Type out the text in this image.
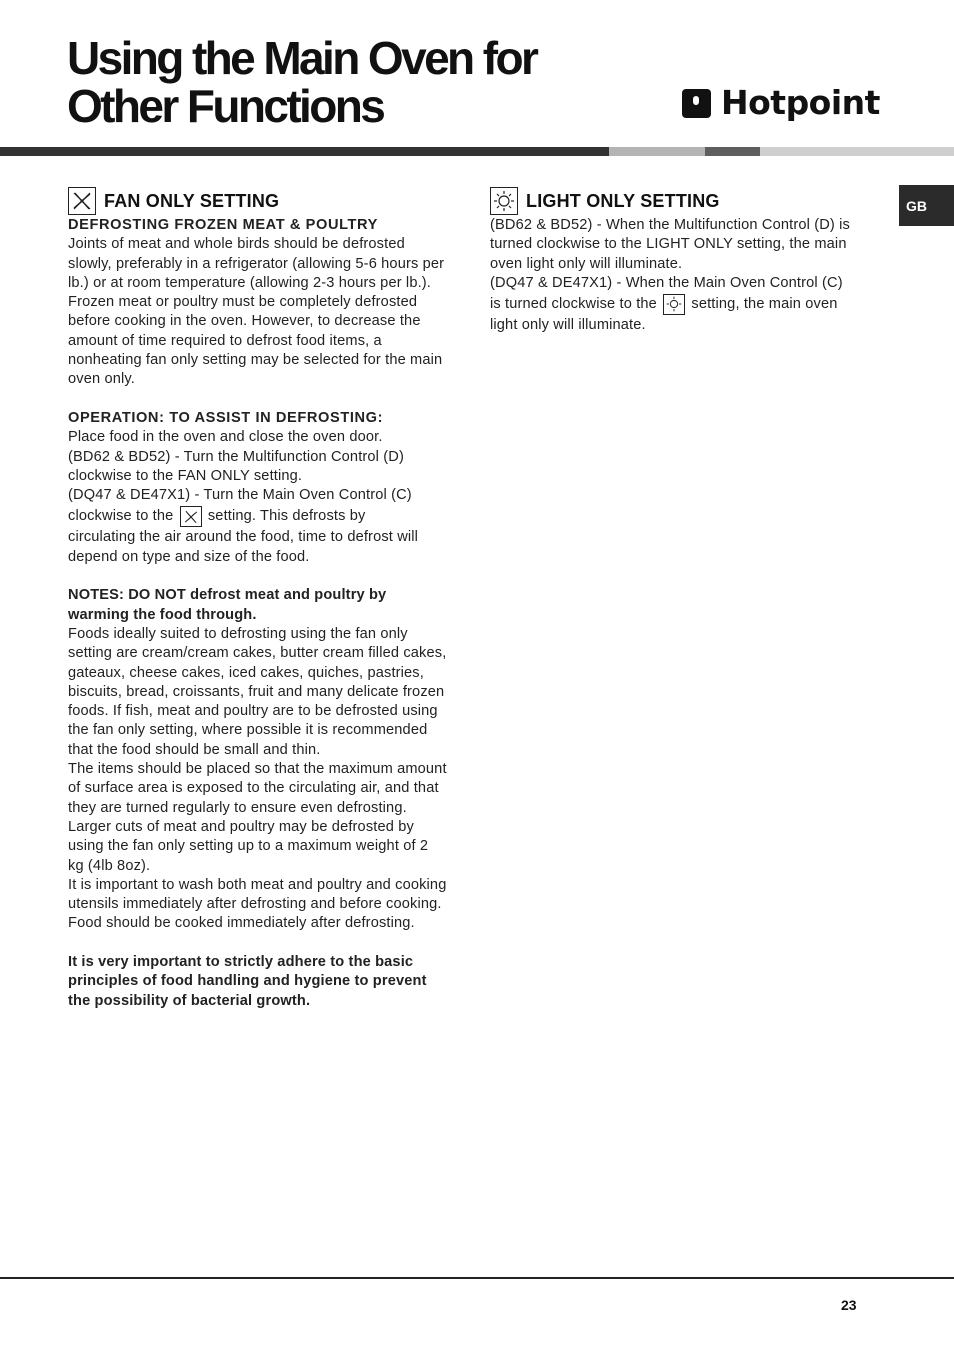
Using the Main Oven for
Other Functions	Hotpoint
GB
FAN ONLY SETTING

DEFROSTING FROZEN MEAT & POULTRY

Joints of meat and whole birds should be defrosted slowly, preferably in a refrigerator (allowing 5-6 hours per lb.) or at room temperature (allowing 2-3 hours per lb.). Frozen meat or poultry must be completely defrosted before cooking in the oven. However, to decrease the amount of time required to defrost food items, a nonheating fan only setting may be selected for the main oven only.

OPERATION: TO ASSIST IN DEFROSTING:

Place food in the oven and close the oven door.

(BD62 & BD52) - Turn the Multifunction Control (D) clockwise to the FAN ONLY setting.

(DQ47 & DE47X1) - Turn the Main Oven Control (C)

clockwise to the setting. This defrosts by

circulating the air around the food, time to defrost will depend on type and size of the food.

NOTES: DO NOT defrost meat and poultry by warming the food through.

Foods ideally suited to defrosting using the fan only setting are cream/cream cakes, butter cream filled cakes, gateaux, cheese cakes, iced cakes, quiches, pastries, biscuits, bread, croissants, fruit and many delicate frozen foods. If fish, meat and poultry are to be defrosted using the fan only setting, where possible it is recommended that the food should be small and thin.

The items should be placed so that the maximum amount of surface area is exposed to the circulating air, and that they are turned regularly to ensure even defrosting.

Larger cuts of meat and poultry may be defrosted by using the fan only setting up to a maximum weight of 2 kg (4lb 8oz).

It is important to wash both meat and poultry and cooking utensils immediately after defrosting and before cooking. Food should be cooked immediately after defrosting.

It is very important to strictly adhere to the basic principles of food handling and hygiene to prevent the possibility of bacterial growth.

LIGHT ONLY SETTING

(BD62 & BD52) - When the Multifunction Control (D) is turned clockwise to the LIGHT ONLY setting, the main oven light only will illuminate.

(DQ47 & DE47X1) - When the Main Oven Control (C)

is turned clockwise to the setting, the main oven

light only will illuminate.

23
